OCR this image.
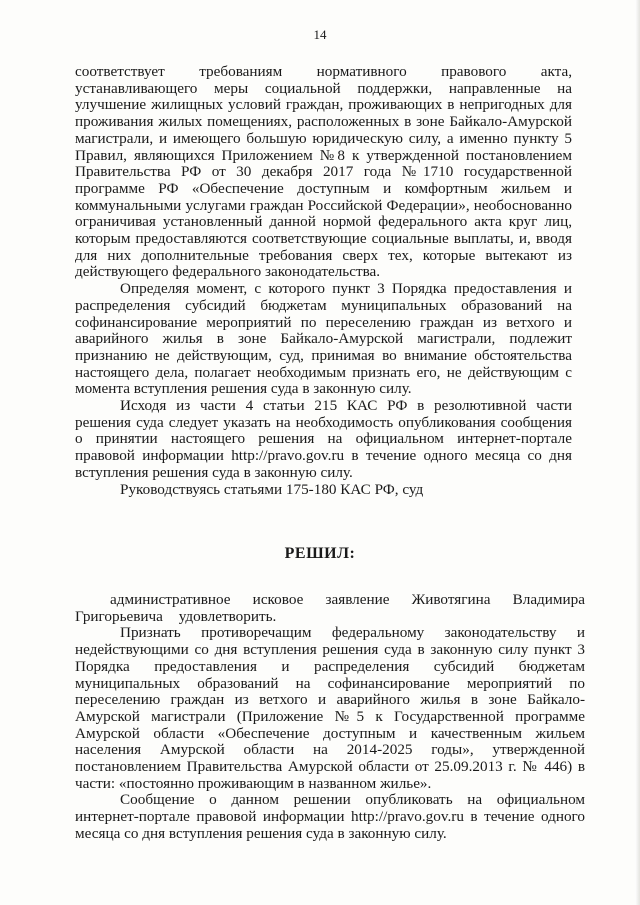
14

соответствует требованиям нормативного правового акта, устанавливающего меры социальной поддержки, направленные на улучшение жилищных условий граждан, проживающих в непригодных для проживания жилых помещениях, расположенных в зоне Байкало-Амурской магистрали, и имеющего большую юридическую силу, а именно пункту 5 Правил, являющихся Приложением №8 к утвержденной постановлением Правительства РФ от 30 декабря 2017 года №1710 государственной программе РФ «Обеспечение доступным и комфортным жильем и коммунальными услугами граждан Российской Федерации», необоснованно ограничивая установленный данной нормой федерального акта круг лиц, которым предоставляются соответствующие социальные выплаты, и, вводя для них дополнительные требования сверх тех, которые вытекают из действующего федерального законодательства.

Определяя момент, с которого пункт 3 Порядка предоставления и распределения субсидий бюджетам муниципальных образований на софинансирование мероприятий по переселению граждан из ветхого и аварийного жилья в зоне Байкало-Амурской магистрали, подлежит признанию не действующим, суд, принимая во внимание обстоятельства настоящего дела, полагает необходимым признать его, не действующим с момента вступления решения суда в законную силу.

Исходя из части 4 статьи 215 КАС РФ в резолютивной части решения суда следует указать на необходимость опубликования сообщения о принятии настоящего решения на официальном интернет-портале правовой информации http://pravo.gov.ru в течение одного месяца со дня вступления решения суда в законную силу.

Руководствуясь статьями 175-180 КАС РФ, суд

РЕШИЛ:

административное исковое заявление Животягина Владимира Григорьевича удовлетворить.

Признать противоречащим федеральному законодательству и недействующими со дня вступления решения суда в законную силу пункт 3 Порядка предоставления и распределения субсидий бюджетам муниципальных образований на софинансирование мероприятий по переселению граждан из ветхого и аварийного жилья в зоне Байкало-Амурской магистрали (Приложение №5 к Государственной программе Амурской области «Обеспечение доступным и качественным жильем населения Амурской области на 2014-2025 годы», утвержденной постановлением Правительства Амурской области от 25.09.2013 г. № 446) в части: «постоянно проживающим в названном жилье».

Сообщение о данном решении опубликовать на официальном интернет-портале правовой информации http://pravo.gov.ru в течение одного месяца со дня вступления решения суда в законную силу.
